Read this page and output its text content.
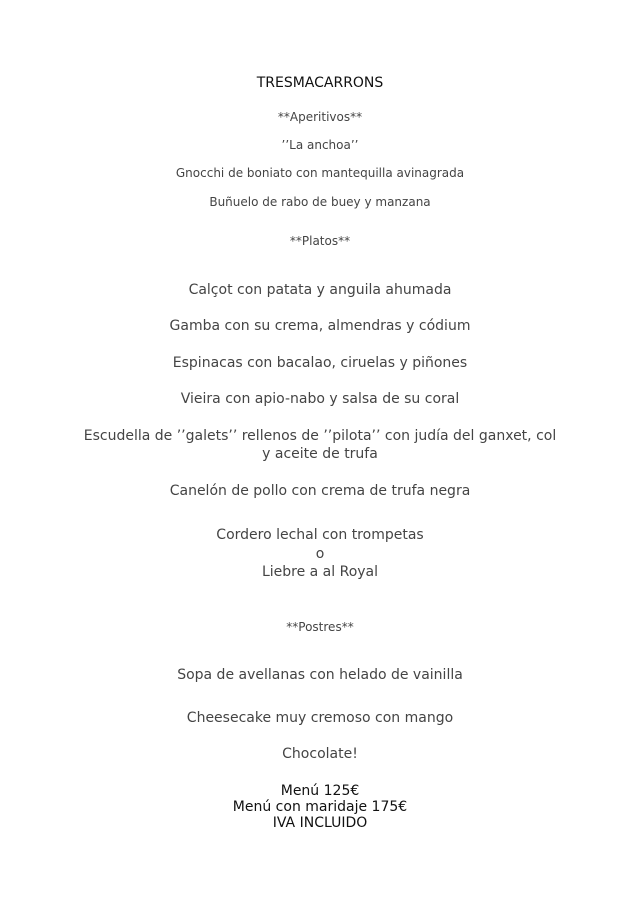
TRESMACARRONS
**Aperitivos**
’’La anchoa’’
Gnocchi de boniato con mantequilla avinagrada
Buñuelo de rabo de buey y manzana
**Platos**
Calçot con patata y anguila ahumada
Gamba con su crema, almendras y códium
Espinacas con bacalao, ciruelas y piñones
Vieira con apio-nabo y salsa de su coral
Escudella de ’’galets’’ rellenos de ’’pilota’’ con judía del ganxet, col
y aceite de trufa
Canelón de pollo con crema de trufa negra
Cordero lechal con trompetas
o
Liebre a al Royal
**Postres**
Sopa de avellanas con helado de vainilla
Cheesecake muy cremoso con mango
Chocolate!
Menú 125€
Menú con maridaje 175€
IVA INCLUIDO
